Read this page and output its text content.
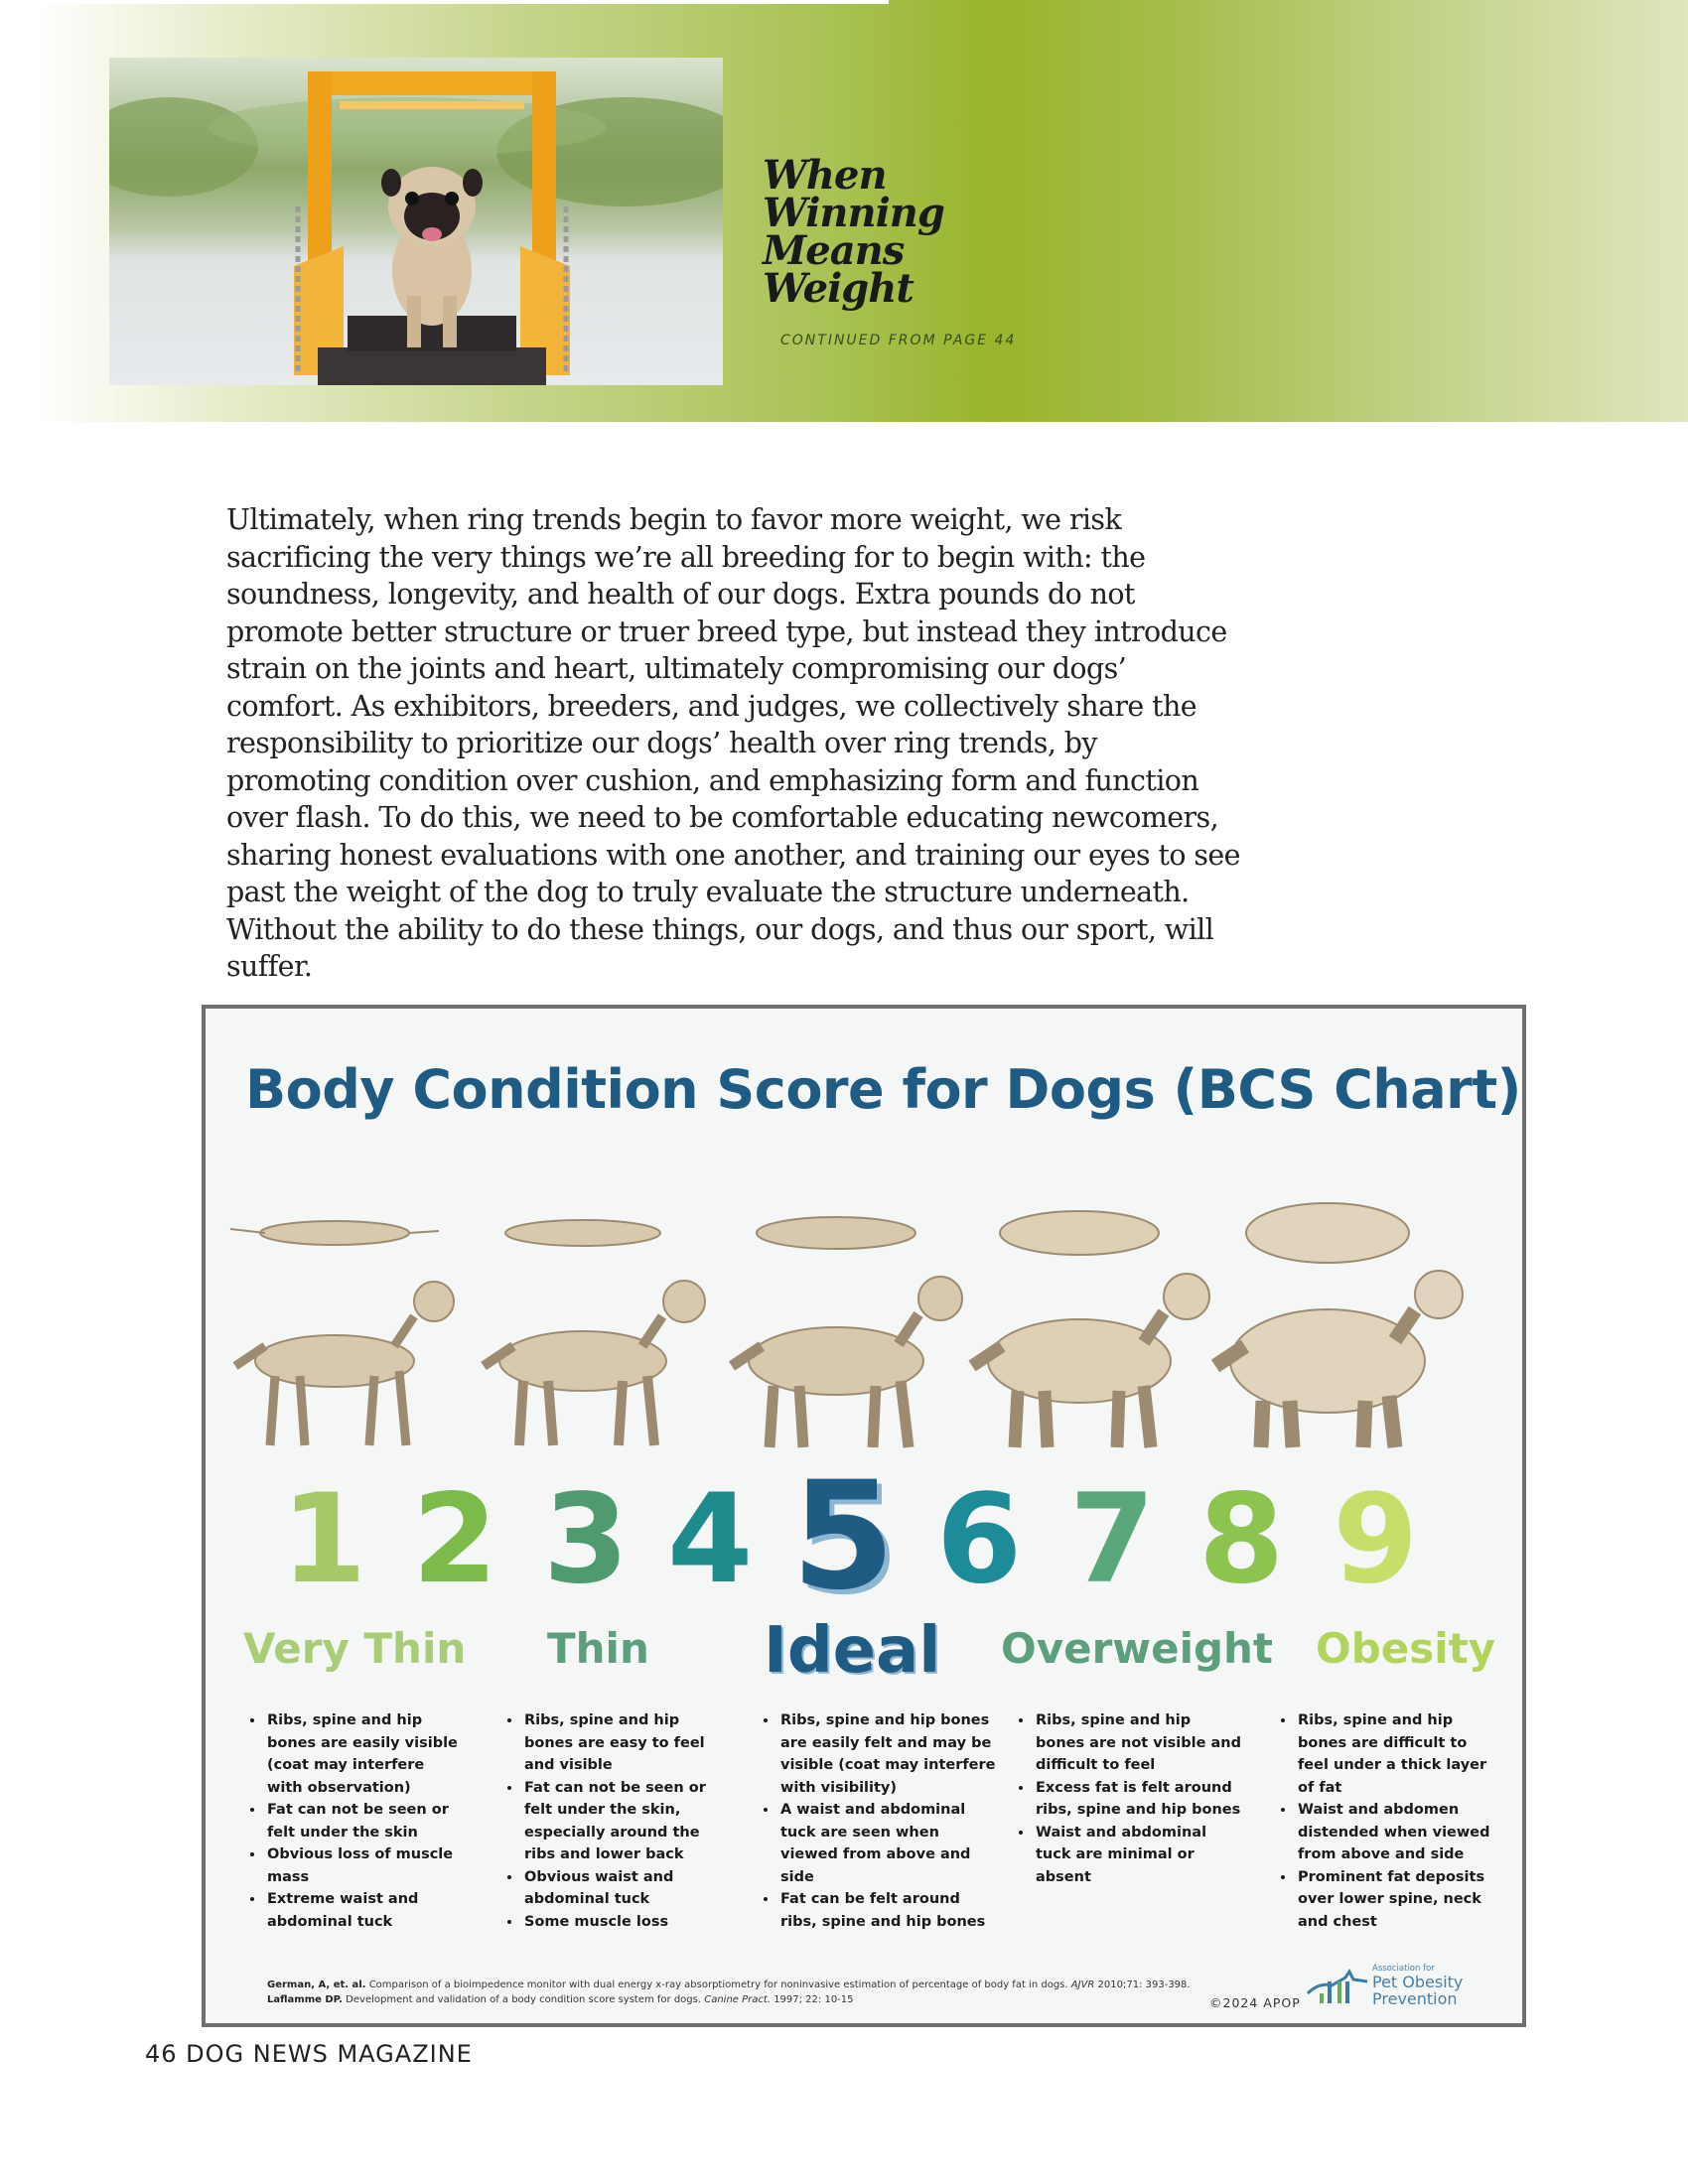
When
Winning
Means
Weight
CONTINUED FROM PAGE 44

Ultimately, when ring trends begin to favor more weight, we risk sacrificing the very things we’re all breeding for to begin with: the soundness, longevity, and health of our dogs. Extra pounds do not promote better structure or truer breed type, but instead they introduce strain on the joints and heart, ultimately compromising our dogs’ comfort. As exhibitors, breeders, and judges, we collectively share the responsibility to prioritize our dogs’ health over ring trends, by promoting condition over cushion, and emphasizing form and function over flash. To do this, we need to be comfortable educating newcomers, sharing honest evaluations with one another, and training our eyes to see past the weight of the dog to truly evaluate the structure underneath. Without the ability to do these things, our dogs, and thus our sport, will suffer.

Body Condition Score for Dogs (BCS Chart)
1 2 3 4 5 6 7 8 9
Very Thin Thin Ideal Overweight Obesity
• Ribs, spine and hip bones are easily visible (coat may interfere with observation)
• Fat can not be seen or felt under the skin
• Obvious loss of muscle mass
• Extreme waist and abdominal tuck
• Ribs, spine and hip bones are easy to feel and visible
• Fat can not be seen or felt under the skin, especially around the ribs and lower back
• Obvious waist and abdominal tuck
• Some muscle loss
• Ribs, spine and hip bones are easily felt and may be visible (coat may interfere with visibility)
• A waist and abdominal tuck are seen when viewed from above and side
• Fat can be felt around ribs, spine and hip bones
• Ribs, spine and hip bones are not visible and difficult to feel
• Excess fat is felt around ribs, spine and hip bones
• Waist and abdominal tuck are minimal or absent
• Ribs, spine and hip bones are difficult to feel under a thick layer of fat
• Waist and abdomen distended when viewed from above and side
• Prominent fat deposits over lower spine, neck and chest
German, A, et. al. Comparison of a bioimpedence monitor with dual energy x-ray absorptiometry for noninvasive estimation of percentage of body fat in dogs. AJVR 2010;71: 393-398.
Laflamme DP. Development and validation of a body condition score system for dogs. Canine Pract. 1997; 22: 10-15	©2024 APOP
Association for
Pet Obesity
Prevention
46 DOG NEWS MAGAZINE
